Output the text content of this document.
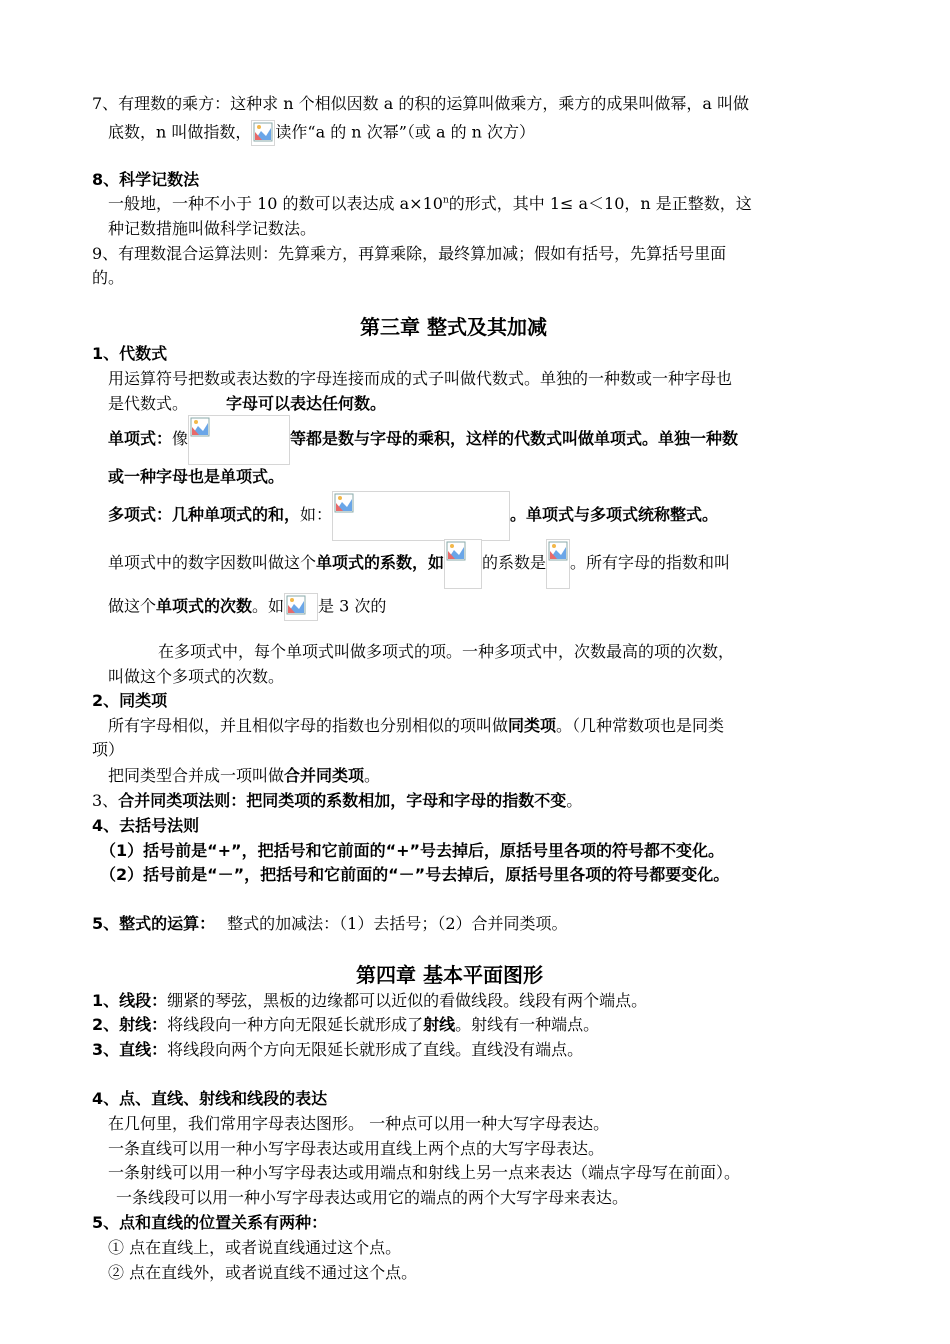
7、有理数的乘方：这种求 n 个相似因数 a 的积的运算叫做乘方，乘方的成果叫做幂，a 叫做
底数，n 叫做指数， 读作“a 的 n 次幂”（或 a 的 n 次方）
8、科学记数法
一般地，一种不小于 10 的数可以表达成 $a\times 10^n$的形式，其中 1≤ a＜10，n 是正整数，这
种记数措施叫做科学记数法。
9、有理数混合运算法则：先算乘方，再算乘除，最终算加减；假如有括号，先算括号里面
的。
第三章 整式及其加减
1、代数式
用运算符号把数或表达数的字母连接而成的式子叫做代数式。单独的一种数或一种字母也
是代数式。 字母可以表达任何数。
单项式：像	等都是数与字母的乘积，这样的代数式叫做单项式。单独一种数
或一种字母也是单项式。
多项式：几种单项式的和，如：	。单项式与多项式统称整式。
单项式中的数字因数叫做这个单项式的系数，如 的系数是 。所有字母的指数和叫
做这个单项式的次数。如 是 3 次的
在多项式中，每个单项式叫做多项式的项。一种多项式中，次数最高的项的次数，
叫做这个多项式的次数。
2、同类项
所有字母相似，并且相似字母的指数也分别相似的项叫做同类项。（几种常数项也是同类
项）
把同类型合并成一项叫做合并同类项。
3、合并同类项法则：把同类项的系数相加，字母和字母的指数不变。
4、去括号法则
（1）括号前是“+”，把括号和它前面的“+”号去掉后，原括号里各项的符号都不变化。
（2）括号前是“－”，把括号和它前面的“－”号去掉后，原括号里各项的符号都要变化。
5、整式的运算： 整式的加减法：（1）去括号；（2）合并同类项。
第四章 基本平面图形
1、线段：绷紧的琴弦，黑板的边缘都可以近似的看做线段。线段有两个端点。
2、射线：将线段向一种方向无限延长就形成了射线。射线有一种端点。
3、直线：将线段向两个方向无限延长就形成了直线。直线没有端点。
4、点、直线、射线和线段的表达
在几何里，我们常用字母表达图形。 一种点可以用一种大写字母表达。
一条直线可以用一种小写字母表达或用直线上两个点的大写字母表达。
一条射线可以用一种小写字母表达或用端点和射线上另一点来表达（端点字母写在前面）。
一条线段可以用一种小写字母表达或用它的端点的两个大写字母来表达。
5、点和直线的位置关系有两种：
① 点在直线上，或者说直线通过这个点。
② 点在直线外，或者说直线不通过这个点。
